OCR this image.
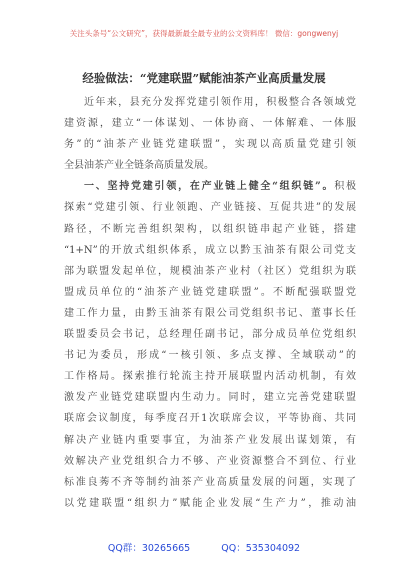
关注头条号“公文研究”，获得最新最全最专业的公文资料库！ 微信：gongwenyj
经验做法：“党建联盟”赋能油茶产业高质量发展
近年来，县充分发挥党建引领作用，积极整合各领域党
建资源，建立“一体谋划、一体协商、一体解难、一体服
务”的“油茶产业链党建联盟”，实现以高质量党建引领
全县油茶产业全链条高质量发展。
一、坚持党建引领，在产业链上健全“组织链”。积极
探索“党建引领、行业领跑、产业链接、互促共进”的发展
路径，不断完善组织架构，以组织链串起产业链，搭建
“1+N”的开放式组织体系，成立以黔玉油茶有限公司党支
部为联盟发起单位，规模油茶产业村（社区）党组织为联
盟成员单位的“油茶产业链党建联盟”。不断配强联盟党
建工作力量，由黔玉油茶有限公司党组织书记、董事长任
联盟委员会书记，总经理任副书记，部分成员单位党组织
书记为委员，形成“一核引领、多点支撑、全域联动”的
工作格局。探索推行轮流主持开展联盟内活动机制，有效
激发产业链党建联盟内生动力。同时，建立完善党建联盟
联席会议制度，每季度召开1次联席会议，平等协商、共同
解决产业链内重要事宜，为油茶产业发展出谋划策，有
效解决产业党组织合力不够、产业资源整合不到位、行业
标准良莠不齐等制约油茶产业高质量发展的问题，实现了
以党建联盟“组织力”赋能企业发展“生产力”，推动油
QQ群：30265665	QQ：535304092
